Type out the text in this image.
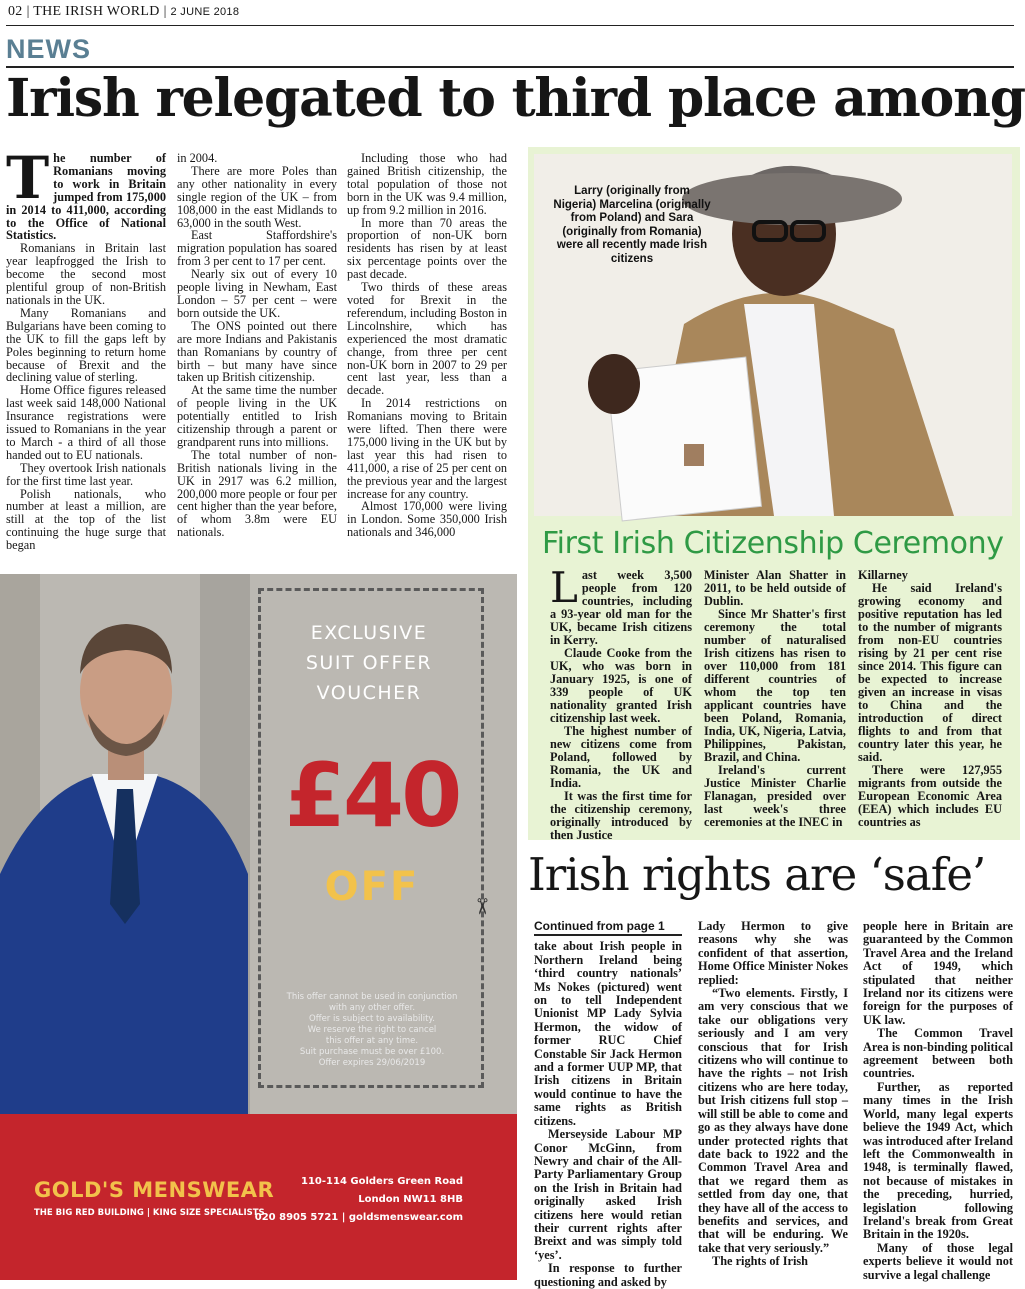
02 | THE IRISH WORLD | 2 JUNE 2018
NEWS
Irish relegated to third place among
T he number of Romanians moving to work in Britain jumped from 175,000 in 2014 to 411,000, according to the Office of National Statistics.

Romanians in Britain last year leapfrogged the Irish to become the second most plentiful group of non-British nationals in the UK.

Many Romanians and Bulgarians have been coming to the UK to fill the gaps left by Poles beginning to return home because of Brexit and the declining value of sterling.

Home Office figures released last week said 148,000 National Insurance registrations were issued to Romanians in the year to March - a third of all those handed out to EU nationals.

They overtook Irish nationals for the first time last year.

Polish nationals, who number at least a million, are still at the top of the list continuing the huge surge that began

in 2004.

There are more Poles than any other nationality in every single region of the UK – from 108,000 in the east Midlands to 63,000 in the south West.

East Staffordshire's migration population has soared from 3 per cent to 17 per cent.

Nearly six out of every 10 people living in Newham, East London – 57 per cent – were born outside the UK.

The ONS pointed out there are more Indians and Pakistanis than Romanians by country of birth – but many have since taken up British citizenship.

At the same time the number of people living in the UK potentially entitled to Irish citizenship through a parent or grandparent runs into millions.

The total number of non-British nationals living in the UK in 2917 was 6.2 million, 200,000 more people or four per cent higher than the year before, of whom 3.8m were EU nationals.

Including those who had gained British citizenship, the total population of those not born in the UK was 9.4 million, up from 9.2 million in 2016.

In more than 70 areas the proportion of non-UK born residents has risen by at least six percentage points over the past decade.

Two thirds of these areas voted for Brexit in the referendum, including Boston in Lincolnshire, which has experienced the most dramatic change, from three per cent non-UK born in 2007 to 29 per cent last year, less than a decade.

In 2014 restrictions on Romanians moving to Britain were lifted. Then there were 175,000 living in the UK but by last year this had risen to 411,000, a rise of 25 per cent on the previous year and the largest increase for any country.

Almost 170,000 were living in London. Some 350,000 Irish nationals and 346,000

Larry (originally from Nigeria) Marcelina (originally from Poland) and Sara (originally from Romania) were all recently made Irish citizens
First Irish Citizenship Ceremony
L ast week 3,500 people from 120 countries, including a 93-year old man for the UK, became Irish citizens in Kerry.

Claude Cooke from the UK, who was born in January 1925, is one of 339 people of UK nationality granted Irish citizenship last week.

The highest number of new citizens come from Poland, followed by Romania, the UK and India.

It was the first time for the citizenship ceremony, originally introduced by then Justice

Minister Alan Shatter in 2011, to be held outside of Dublin.

Since Mr Shatter's first ceremony the total number of naturalised Irish citizens has risen to over 110,000 from 181 different countries of whom the top ten applicant countries have been Poland, Romania, India, UK, Nigeria, Latvia, Philippines, Pakistan, Brazil, and China.

Ireland's current Justice Minister Charlie Flanagan, presided over last week's three ceremonies at the INEC in

Killarney

He said Ireland's growing economy and positive reputation has led to the number of migrants from non-EU countries rising by 21 per cent rise since 2014. This figure can be expected to increase given an increase in visas to China and the introduction of direct flights to and from that country later this year, he said.

There were 127,955 migrants from outside the European Economic Area (EEA) which includes EU countries as

EXCLUSIVE SUIT OFFER VOUCHER
£40
OFF	✂
This offer cannot be used in conjunction
with any other offer.
Offer is subject to availability.
We reserve the right to cancel
this offer at any time.
Suit purchase must be over £100.
Offer expires 29/06/2019
GOLD'S MENSWEAR
THE BIG RED BUILDING | KING SIZE SPECIALISTS
110-114 Golders Green Road
London NW11 8HB
020 8905 5721 | goldsmenswear.com
Irish rights are ‘safe’
Continued from page 1

take about Irish people in Northern Ireland being ‘third country nationals’ Ms Nokes (pictured) went on to tell Independent Unionist MP Lady Sylvia Hermon, the widow of former RUC Chief Constable Sir Jack Hermon and a former UUP MP, that Irish citizens in Britain would continue to have the same rights as British citizens.

Merseyside Labour MP Conor McGinn, from Newry and chair of the All-Party Parliamentary Group on the Irish in Britain had originally asked Irish citizens here would retian their current rights after Breixt and was simply told ‘yes’.

In response to further questioning and asked by

Lady Hermon to give reasons why she was confident of that assertion, Home Office Minister Nokes replied:

“Two elements. Firstly, I am very conscious that we take our obligations very seriously and I am very conscious that for Irish citizens who will continue to have the rights – not Irish citizens who are here today, but Irish citizens full stop – will still be able to come and go as they always have done under protected rights that date back to 1922 and the Common Travel Area and that we regard them as settled from day one, that they have all of the access to benefits and services, and that will be enduring. We take that very seriously.”

The rights of Irish

people here in Britain are guaranteed by the Common Travel Area and the Ireland Act of 1949, which stipulated that neither Ireland nor its citizens were foreign for the purposes of UK law.

The Common Travel Area is non-binding political agreement between both countries.

Further, as reported many times in the Irish World, many legal experts believe the 1949 Act, which was introduced after Ireland left the Commonwealth in 1948, is terminally flawed, not because of mistakes in the preceding, hurried, legislation following Ireland's break from Great Britain in the 1920s.

Many of those legal experts believe it would not survive a legal challenge
